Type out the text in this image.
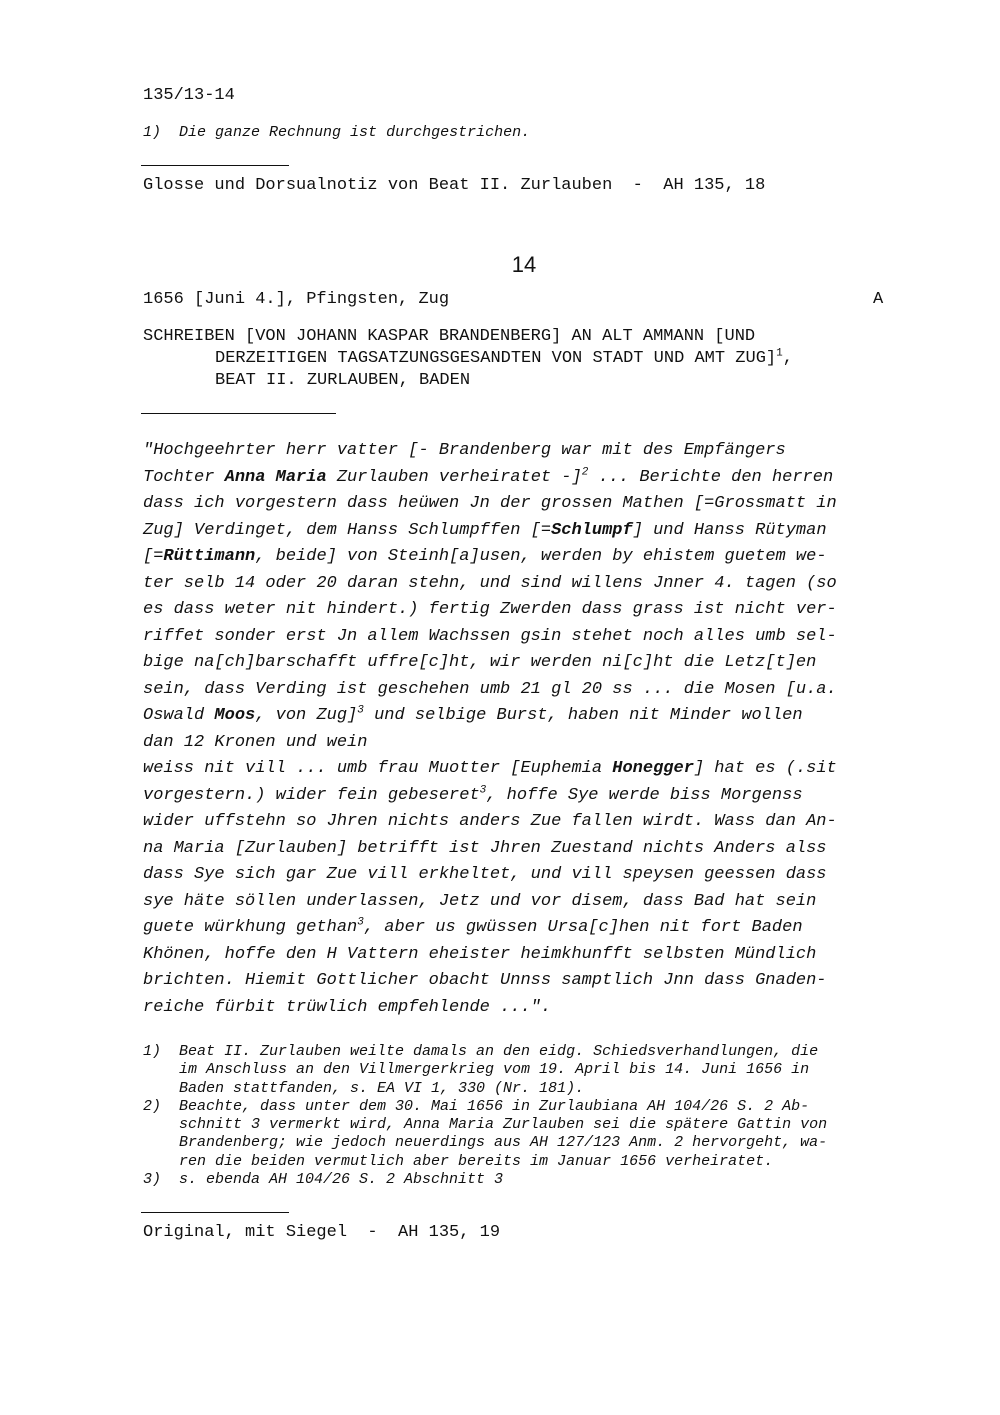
135/13-14
1) Die ganze Rechnung ist durchgestrichen.
Glosse und Dorsualnotiz von Beat II. Zurlauben  -  AH 135, 18
14
1656 [Juni 4.], Pfingsten, Zug	A
SCHREIBEN [VON JOHANN KASPAR BRANDENBERG] AN ALT AMMANN [UND
DERZEITIGEN TAGSATZUNGSGESANDTEN VON STADT UND AMT ZUG]$^1$,
BEAT II. ZURLAUBEN, BADEN
"Hochgeehrter herr vatter [- Brandenberg war mit des Empfängers
Tochter Anna Maria Zurlauben verheiratet -]$^2$ ... Berichte den herren
dass ich vorgestern dass heüwen Jn der grossen Mathen [=Grossmatt in
Zug] Verdinget, dem Hanss Schlumpffen [=Schlumpf] und Hanss Rütyman
[=Rüttimann, beide] von Steinh[a]usen, werden by ehistem guetem we-
ter selb 14 oder 20 daran stehn, und sind willens Jnner 4. tagen (so
es dass weter nit hindert.) fertig Zwerden dass grass ist nicht ver-
riffet sonder erst Jn allem Wachssen gsin stehet noch alles umb sel-
bige na[ch]barschafft uffre[c]ht, wir werden ni[c]ht die Letz[t]en
sein, dass Verding ist geschehen umb 21 gl 20 ss ... die Mosen [u.a.
Oswald Moos, von Zug]$^3$ und selbige Burst, haben nit Minder wollen
dan 12 Kronen und wein
weiss nit vill ... umb frau Muotter [Euphemia Honegger] hat es (.sit
vorgestern.) wider fein gebeseret$^3$, hoffe Sye werde biss Morgenss
wider uffstehn so Jhren nichts anders Zue fallen wirdt. Wass dan An-
na Maria [Zurlauben] betrifft ist Jhren Zuestand nichts Anders alss
dass Sye sich gar Zue vill erkheltet, und vill speysen geessen dass
sye häte söllen underlassen, Jetz und vor disem, dass Bad hat sein
guete würkhung gethan$^3$, aber us gwüssen Ursa[c]hen nit fort Baden
Khönen, hoffe den H Vattern eheister heimkhunfft selbsten Mündlich
brichten. Hiemit Gottlicher obacht Unnss samptlich Jnn dass Gnaden-
reiche fürbit trüwlich empfehlende ...".
1) Beat II. Zurlauben weilte damals an den eidg. Schiedsverhandlungen, die
im Anschluss an den Villmergerkrieg vom 19. April bis 14. Juni 1656 in
Baden stattfanden, s. EA VI 1, 330 (Nr. 181).
2) Beachte, dass unter dem 30. Mai 1656 in Zurlaubiana AH 104/26 S. 2 Ab-
schnitt 3 vermerkt wird, Anna Maria Zurlauben sei die spätere Gattin von
Brandenberg; wie jedoch neuerdings aus AH 127/123 Anm. 2 hervorgeht, wa-
ren die beiden vermutlich aber bereits im Januar 1656 verheiratet.
3) s. ebenda AH 104/26 S. 2 Abschnitt 3
Original, mit Siegel  -  AH 135, 19
